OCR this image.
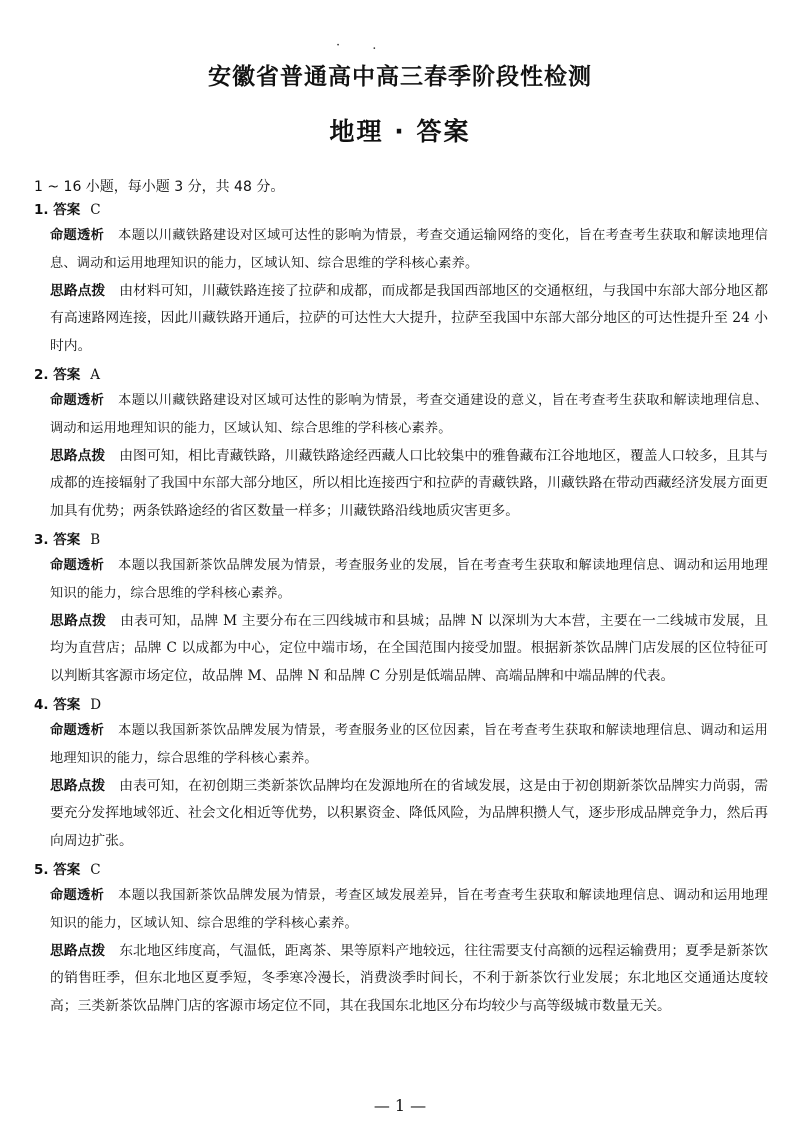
· .
安徽省普通高中高三春季阶段性检测
地理 · 答案
1 ~ 16 小题，每小题 3 分，共 48 分。
1. 答案 C

命题透析 本题以川藏铁路建设对区域可达性的影响为情景，考查交通运输网络的变化，旨在考查考生获取和解读地理信息、调动和运用地理知识的能力，区域认知、综合思维的学科核心素养。

思路点拨 由材料可知，川藏铁路连接了拉萨和成都，而成都是我国西部地区的交通枢纽，与我国中东部大部分地区都有高速路网连接，因此川藏铁路开通后，拉萨的可达性大大提升，拉萨至我国中东部大部分地区的可达性提升至 24 小时内。

2. 答案 A

命题透析 本题以川藏铁路建设对区域可达性的影响为情景，考查交通建设的意义，旨在考查考生获取和解读地理信息、调动和运用地理知识的能力，区域认知、综合思维的学科核心素养。

思路点拨 由图可知，相比青藏铁路，川藏铁路途经西藏人口比较集中的雅鲁藏布江谷地地区，覆盖人口较多，且其与成都的连接辐射了我国中东部大部分地区，所以相比连接西宁和拉萨的青藏铁路，川藏铁路在带动西藏经济发展方面更加具有优势；两条铁路途经的省区数量一样多；川藏铁路沿线地质灾害更多。

3. 答案 B

命题透析 本题以我国新茶饮品牌发展为情景，考查服务业的发展，旨在考查考生获取和解读地理信息、调动和运用地理知识的能力，综合思维的学科核心素养。

思路点拨 由表可知，品牌 M 主要分布在三四线城市和县城；品牌 N 以深圳为大本营，主要在一二线城市发展，且均为直营店；品牌 C 以成都为中心，定位中端市场，在全国范围内接受加盟。根据新茶饮品牌门店发展的区位特征可以判断其客源市场定位，故品牌 M、品牌 N 和品牌 C 分别是低端品牌、高端品牌和中端品牌的代表。

4. 答案 D

命题透析 本题以我国新茶饮品牌发展为情景，考查服务业的区位因素，旨在考查考生获取和解读地理信息、调动和运用地理知识的能力，综合思维的学科核心素养。

思路点拨 由表可知，在初创期三类新茶饮品牌均在发源地所在的省域发展，这是由于初创期新茶饮品牌实力尚弱，需要充分发挥地域邻近、社会文化相近等优势，以积累资金、降低风险，为品牌积攒人气，逐步形成品牌竞争力，然后再向周边扩张。

5. 答案 C

命题透析 本题以我国新茶饮品牌发展为情景，考查区域发展差异，旨在考查考生获取和解读地理信息、调动和运用地理知识的能力，区域认知、综合思维的学科核心素养。

思路点拨 东北地区纬度高，气温低，距离茶、果等原料产地较远，往往需要支付高额的远程运输费用；夏季是新茶饮的销售旺季，但东北地区夏季短，冬季寒冷漫长，消费淡季时间长，不利于新茶饮行业发展；东北地区交通通达度较高；三类新茶饮品牌门店的客源市场定位不同，其在我国东北地区分布均较少与高等级城市数量无关。

— 1 —
